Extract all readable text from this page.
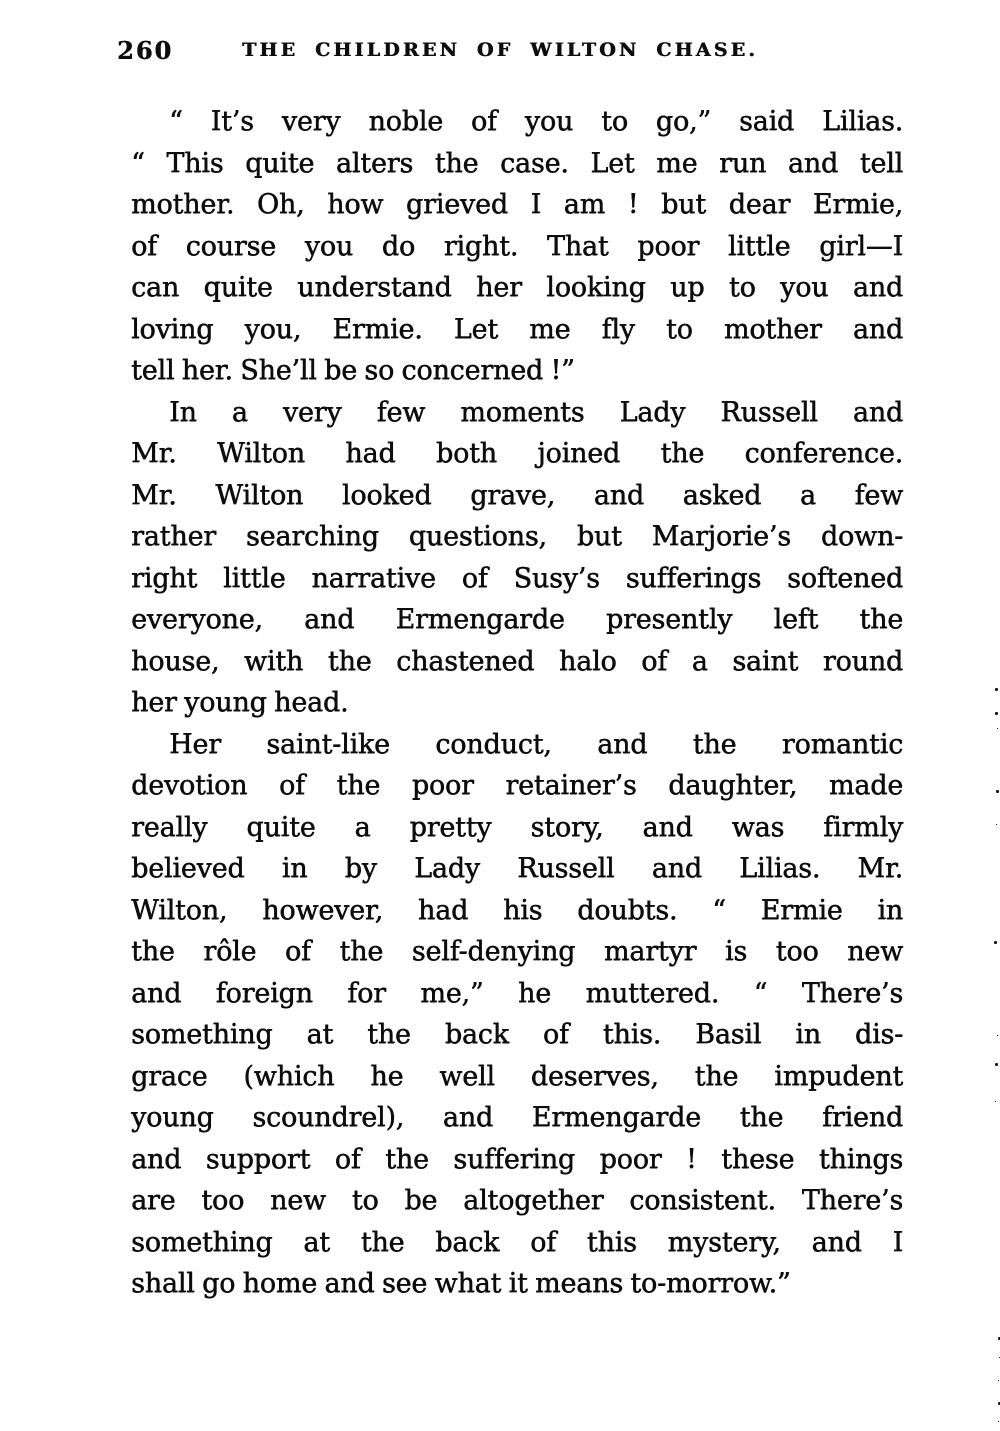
260	THE CHILDREN OF WILTON CHASE.
“ It’s very noble of you to go,” said Lilias.
“ This quite alters the case. Let me run and tell
mother. Oh, how grieved I am ! but dear Ermie,
of course you do right. That poor little girl—I
can quite understand her looking up to you and
loving you, Ermie. Let me fly to mother and
tell her. She’ll be so concerned !”
In a very few moments Lady Russell and
Mr. Wilton had both joined the conference.
Mr. Wilton looked grave, and asked a few
rather searching questions, but Marjorie’s down-
right little narrative of Susy’s sufferings softened
everyone, and Ermengarde presently left the
house, with the chastened halo of a saint round
her young head.
Her saint-like conduct, and the romantic
devotion of the poor retainer’s daughter, made
really quite a pretty story, and was firmly
believed in by Lady Russell and Lilias. Mr.
Wilton, however, had his doubts. “ Ermie in
the rôle of the self-denying martyr is too new
and foreign for me,” he muttered. “ There’s
something at the back of this. Basil in dis-
grace (which he well deserves, the impudent
young scoundrel), and Ermengarde the friend
and support of the suffering poor ! these things
are too new to be altogether consistent. There’s
something at the back of this mystery, and I
shall go home and see what it means to-morrow.”
